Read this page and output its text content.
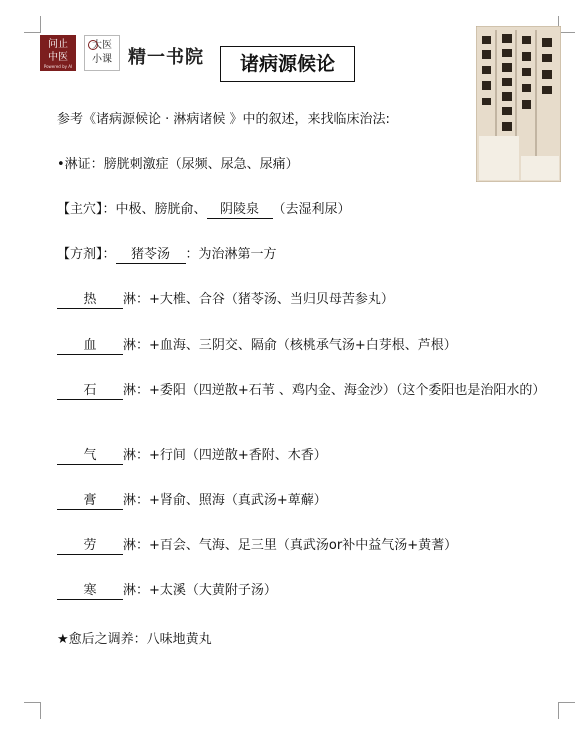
问止
中医
Powered by AI
大医
小课 精一书院	诸病源候论
参考《诸病源候论 · 淋病诸候 》中的叙述，来找临床治法:
•淋证：膀胱刺激症（尿频、尿急、尿痛）
【主穴】：中极、膀胱俞、 阴陵泉 （去湿利尿）
【方剂】： 猪苓汤 ：为治淋第一方
热 淋：+大椎、合谷（猪苓汤、当归贝母苦参丸）
血 淋：+血海、三阴交、隔俞（核桃承气汤+白芽根、芦根）
石 淋：+委阳（四逆散+石苇 、鸡内金、海金沙）（这个委阳也是治阳水的）
气 淋：+行间（四逆散+香附、木香）
膏 淋：+肾俞、照海（真武汤+萆薢）
劳 淋：+百会、气海、足三里（真武汤or补中益气汤+黄蓍）
寒 淋：+太溪（大黄附子汤）
★愈后之调养：八味地黄丸
